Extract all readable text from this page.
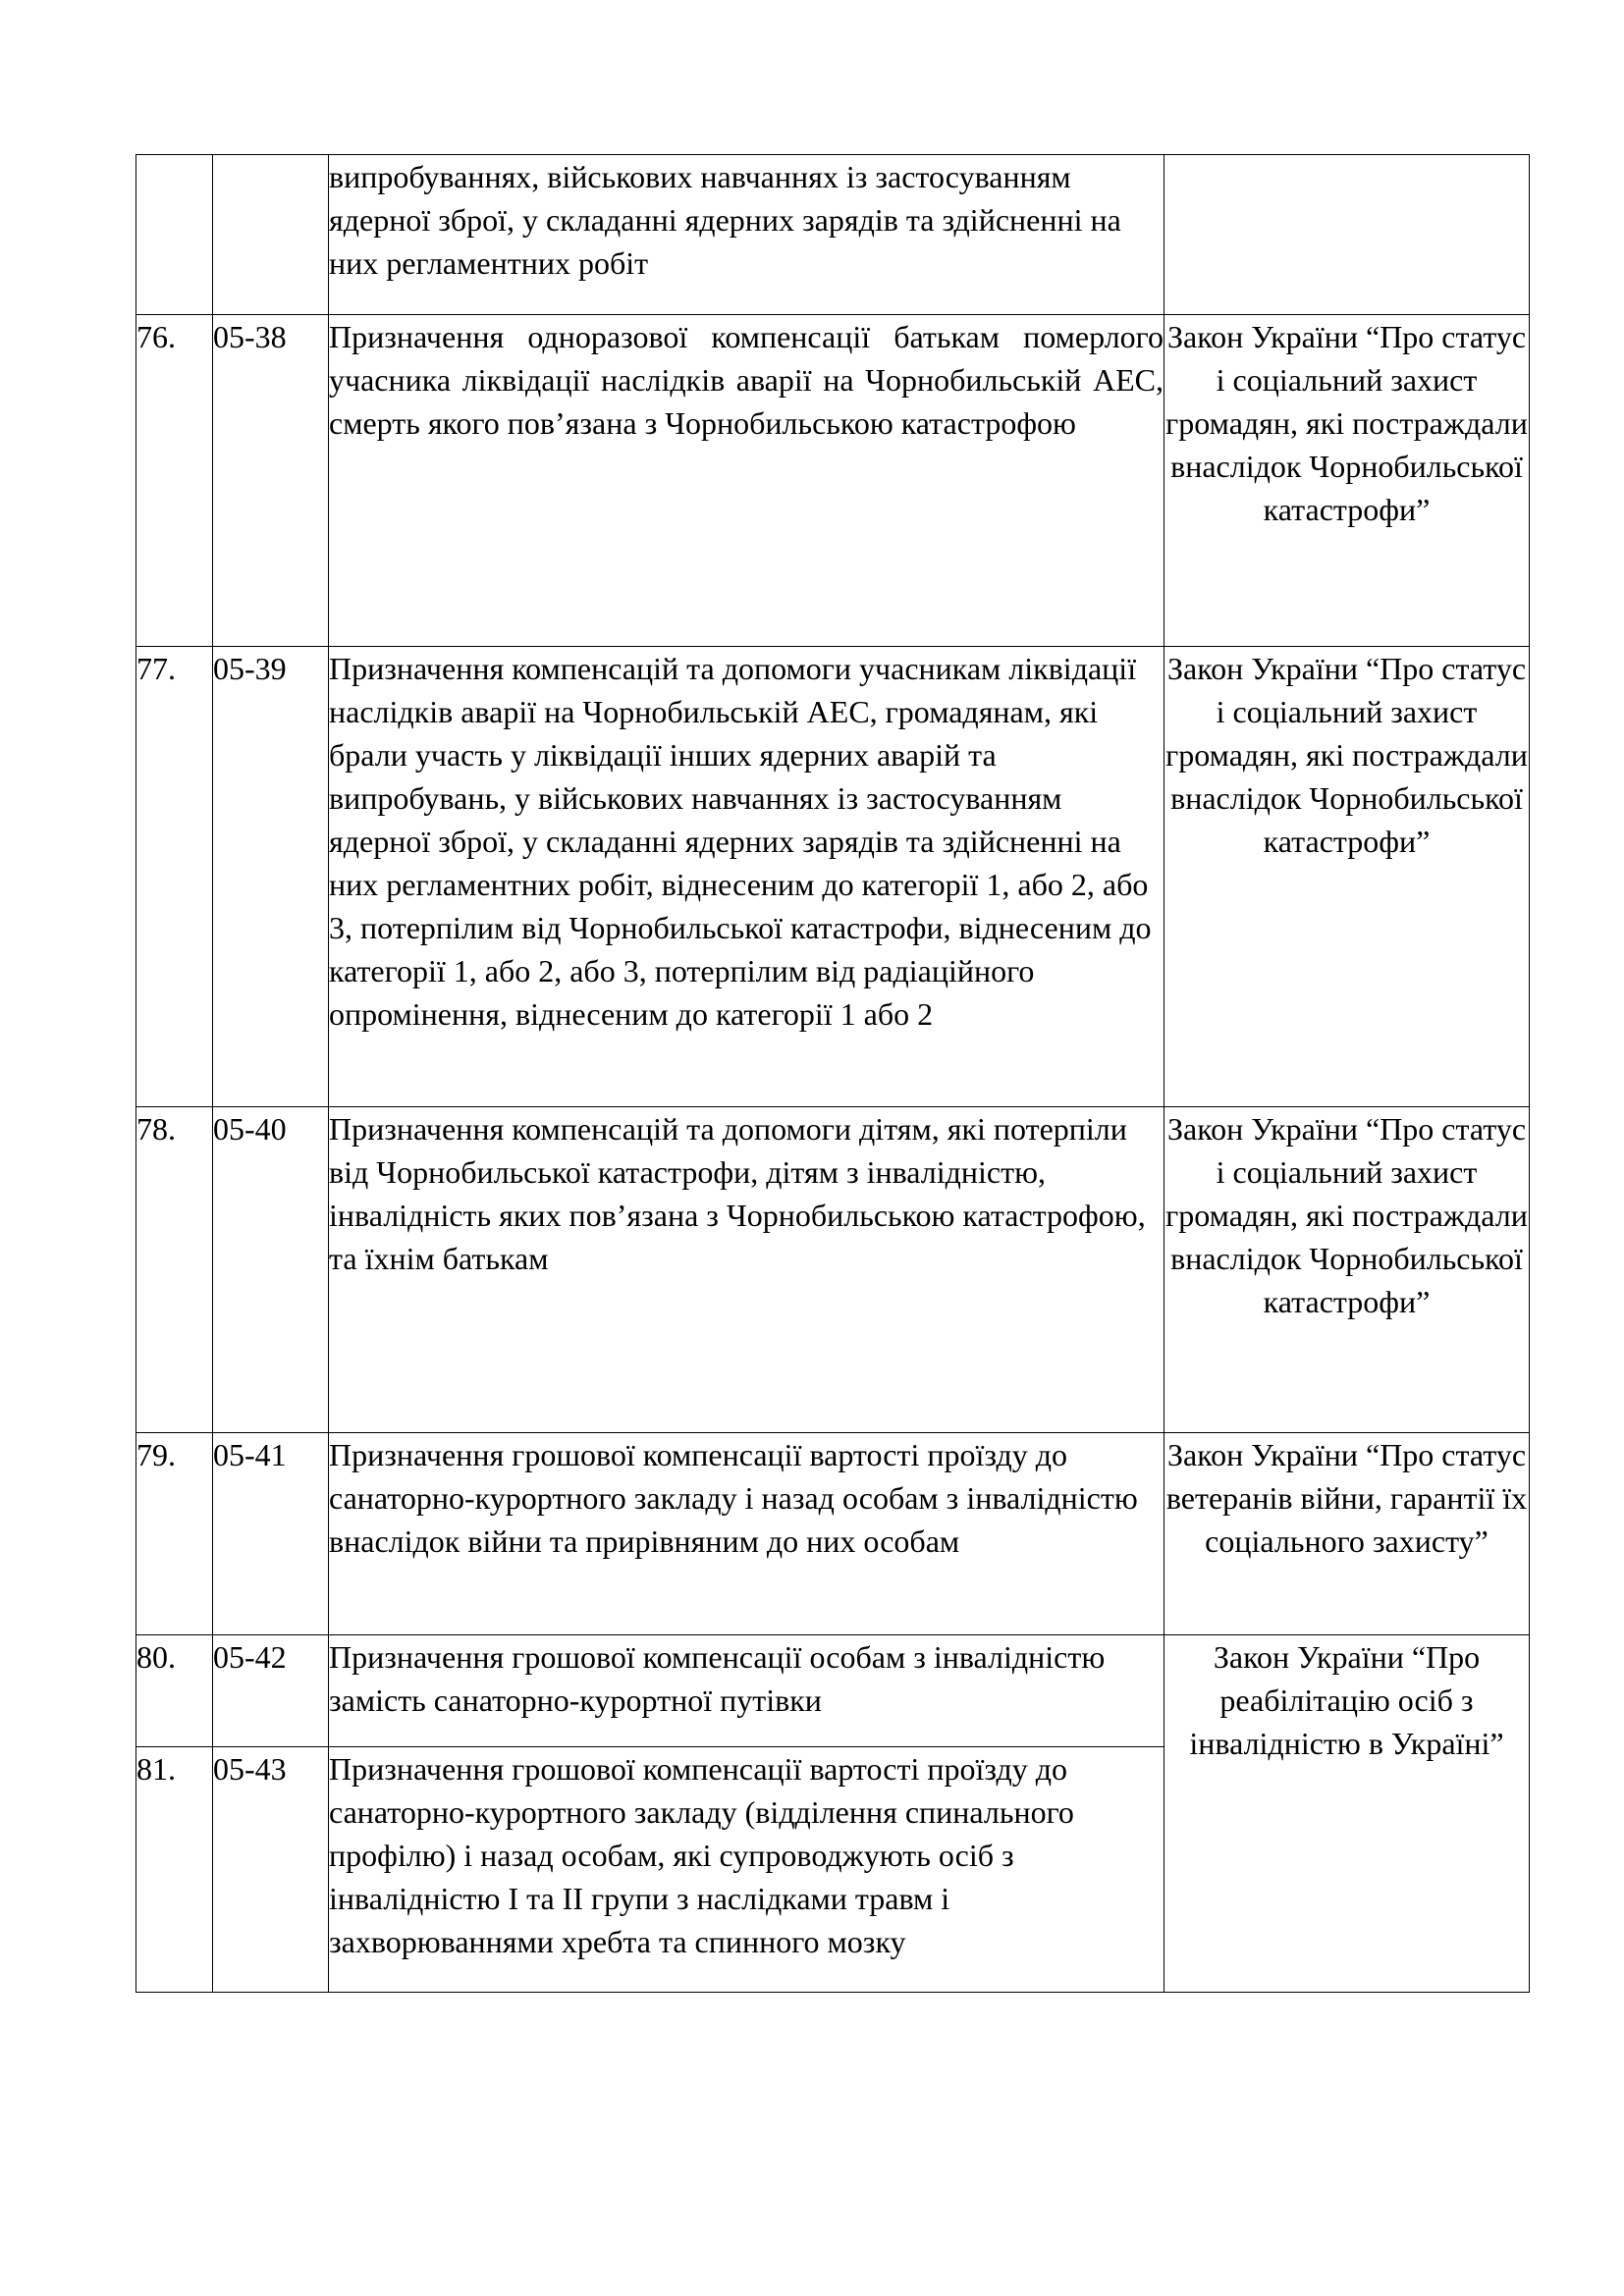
		випробуваннях, військових навчаннях із застосуванням ядерної зброї, у складанні ядерних зарядів та здійсненні на них регламентних робіт	

76.	05-38	Призначення одноразової компенсації батькам померлого учасника ліквідації наслідків аварії на Чорнобильській АЕС, смерть якого пов’язана з Чорнобильською катастрофою	Закон України “Про статус і соціальний захист громадян, які постраждали внаслідок Чорнобильської катастрофи”

77.	05-39	Призначення компенсацій та допомоги учасникам ліквідації наслідків аварії на Чорнобильській АЕС, громадянам, які брали участь у ліквідації інших ядерних аварій та випробувань, у військових навчаннях із застосуванням ядерної зброї, у складанні ядерних зарядів та здійсненні на них регламентних робіт, віднесеним до категорії 1, або 2, або 3, потерпілим від Чорнобильської катастрофи, віднесеним до категорії 1, або 2, або 3, потерпілим від радіаційного опромінення, віднесеним до категорії 1 або 2	Закон України “Про статус і соціальний захист громадян, які постраждали внаслідок Чорнобильської катастрофи”

78.	05-40	Призначення компенсацій та допомоги дітям, які потерпіли від Чорнобильської катастрофи, дітям з інвалідністю, інвалідність яких пов’язана з Чорнобильською катастрофою, та їхнім батькам	Закон України “Про статус і соціальний захист громадян, які постраждали внаслідок Чорнобильської катастрофи”

79.	05-41	Призначення грошової компенсації вартості проїзду до санаторно-курортного закладу і назад особам з інвалідністю внаслідок війни та прирівняним до них особам	Закон України “Про статус ветеранів війни, гарантії їх соціального захисту”

80.	05-42	Призначення грошової компенсації особам з інвалідністю замість санаторно-курортної путівки	Закон України “Про реабілітацію осіб з інвалідністю в Україні”

81.	05-43	Призначення грошової компенсації вартості проїзду до санаторно-курортного закладу (відділення спинального профілю) і назад особам, які супроводжують осіб з інвалідністю І та ІІ групи з наслідками травм і захворюваннями хребта та спинного мозку	
